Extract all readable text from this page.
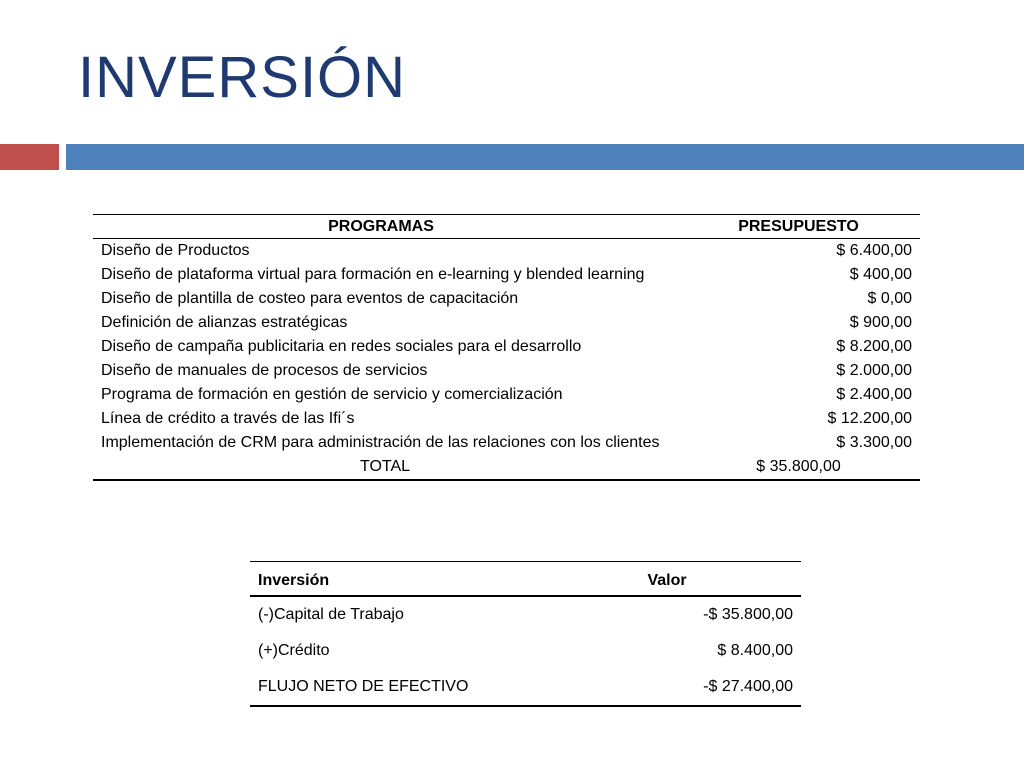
INVERSIÓN
PROGRAMAS	PRESUPUESTO
Diseño de Productos	$ 6.400,00
Diseño de plataforma virtual para formación en e-learning y blended learning	$ 400,00
Diseño de plantilla de costeo para eventos de capacitación	$ 0,00
Definición de alianzas estratégicas	$ 900,00
Diseño de campaña publicitaria en redes sociales para el desarrollo	$ 8.200,00
Diseño de manuales de procesos de servicios	$ 2.000,00
Programa de formación en gestión de servicio y comercialización	$ 2.400,00
Línea de crédito a través de las Ifi´s	$ 12.200,00
Implementación de CRM para administración de las relaciones con los clientes	$ 3.300,00
TOTAL	$ 35.800,00
Inversión	Valor
(-)Capital de Trabajo	-$ 35.800,00
(+)Crédito	$ 8.400,00
FLUJO NETO DE EFECTIVO	-$ 27.400,00
